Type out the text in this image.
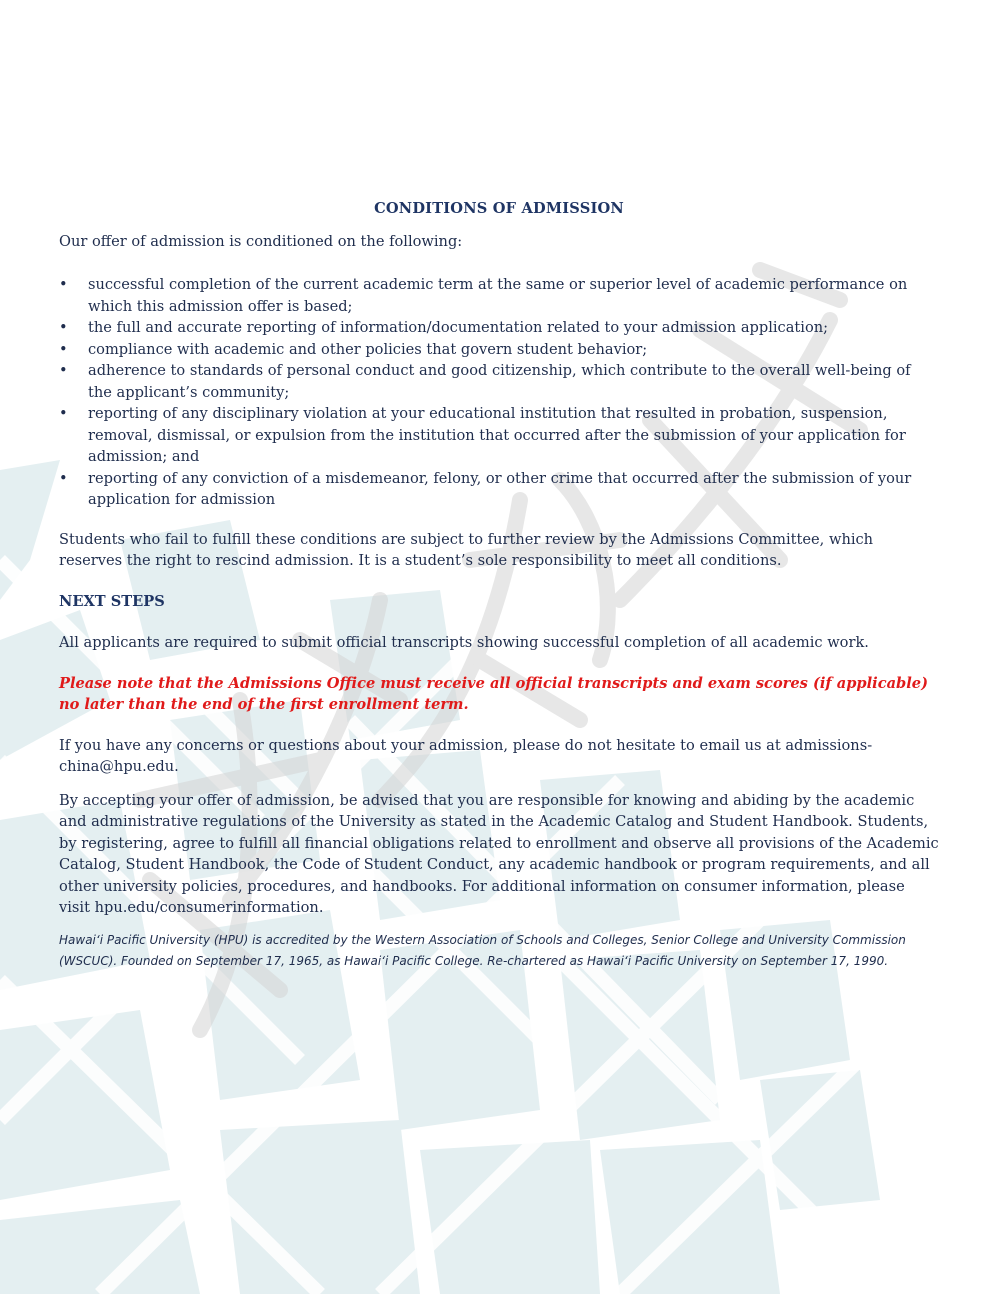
CONDITIONS OF ADMISSION

Our offer of admission is conditioned on the following:

• successful completion of the current academic term at the same or superior level of academic performance on which this admission offer is based;
• the full and accurate reporting of information/documentation related to your admission application;
• compliance with academic and other policies that govern student behavior;
• adherence to standards of personal conduct and good citizenship, which contribute to the overall well-being of the applicant’s community;
• reporting of any disciplinary violation at your educational institution that resulted in probation, suspension, removal, dismissal, or expulsion from the institution that occurred after the submission of your application for admission; and
• reporting of any conviction of a misdemeanor, felony, or other crime that occurred after the submission of your application for admission

Students who fail to fulfill these conditions are subject to further review by the Admissions Committee, which reserves the right to rescind admission. It is a student’s sole responsibility to meet all conditions.

NEXT STEPS

All applicants are required to submit official transcripts showing successful completion of all academic work.

Please note that the Admissions Office must receive all official transcripts and exam scores (if applicable) no later than the end of the first enrollment term.

If you have any concerns or questions about your admission, please do not hesitate to email us at admissions-china@hpu.edu.

By accepting your offer of admission, be advised that you are responsible for knowing and abiding by the academic and administrative regulations of the University as stated in the Academic Catalog and Student Handbook. Students, by registering, agree to fulfill all financial obligations related to enrollment and observe all provisions of the Academic Catalog, Student Handbook, the Code of Student Conduct, any academic handbook or program requirements, and all other university policies, procedures, and handbooks. For additional information on consumer information, please visit hpu.edu/consumerinformation.

Hawai‘i Pacific University (HPU) is accredited by the Western Association of Schools and Colleges, Senior College and University Commission (WSCUC). Founded on September 17, 1965, as Hawai‘i Pacific College. Re-chartered as Hawai‘i Pacific University on September 17, 1990.
